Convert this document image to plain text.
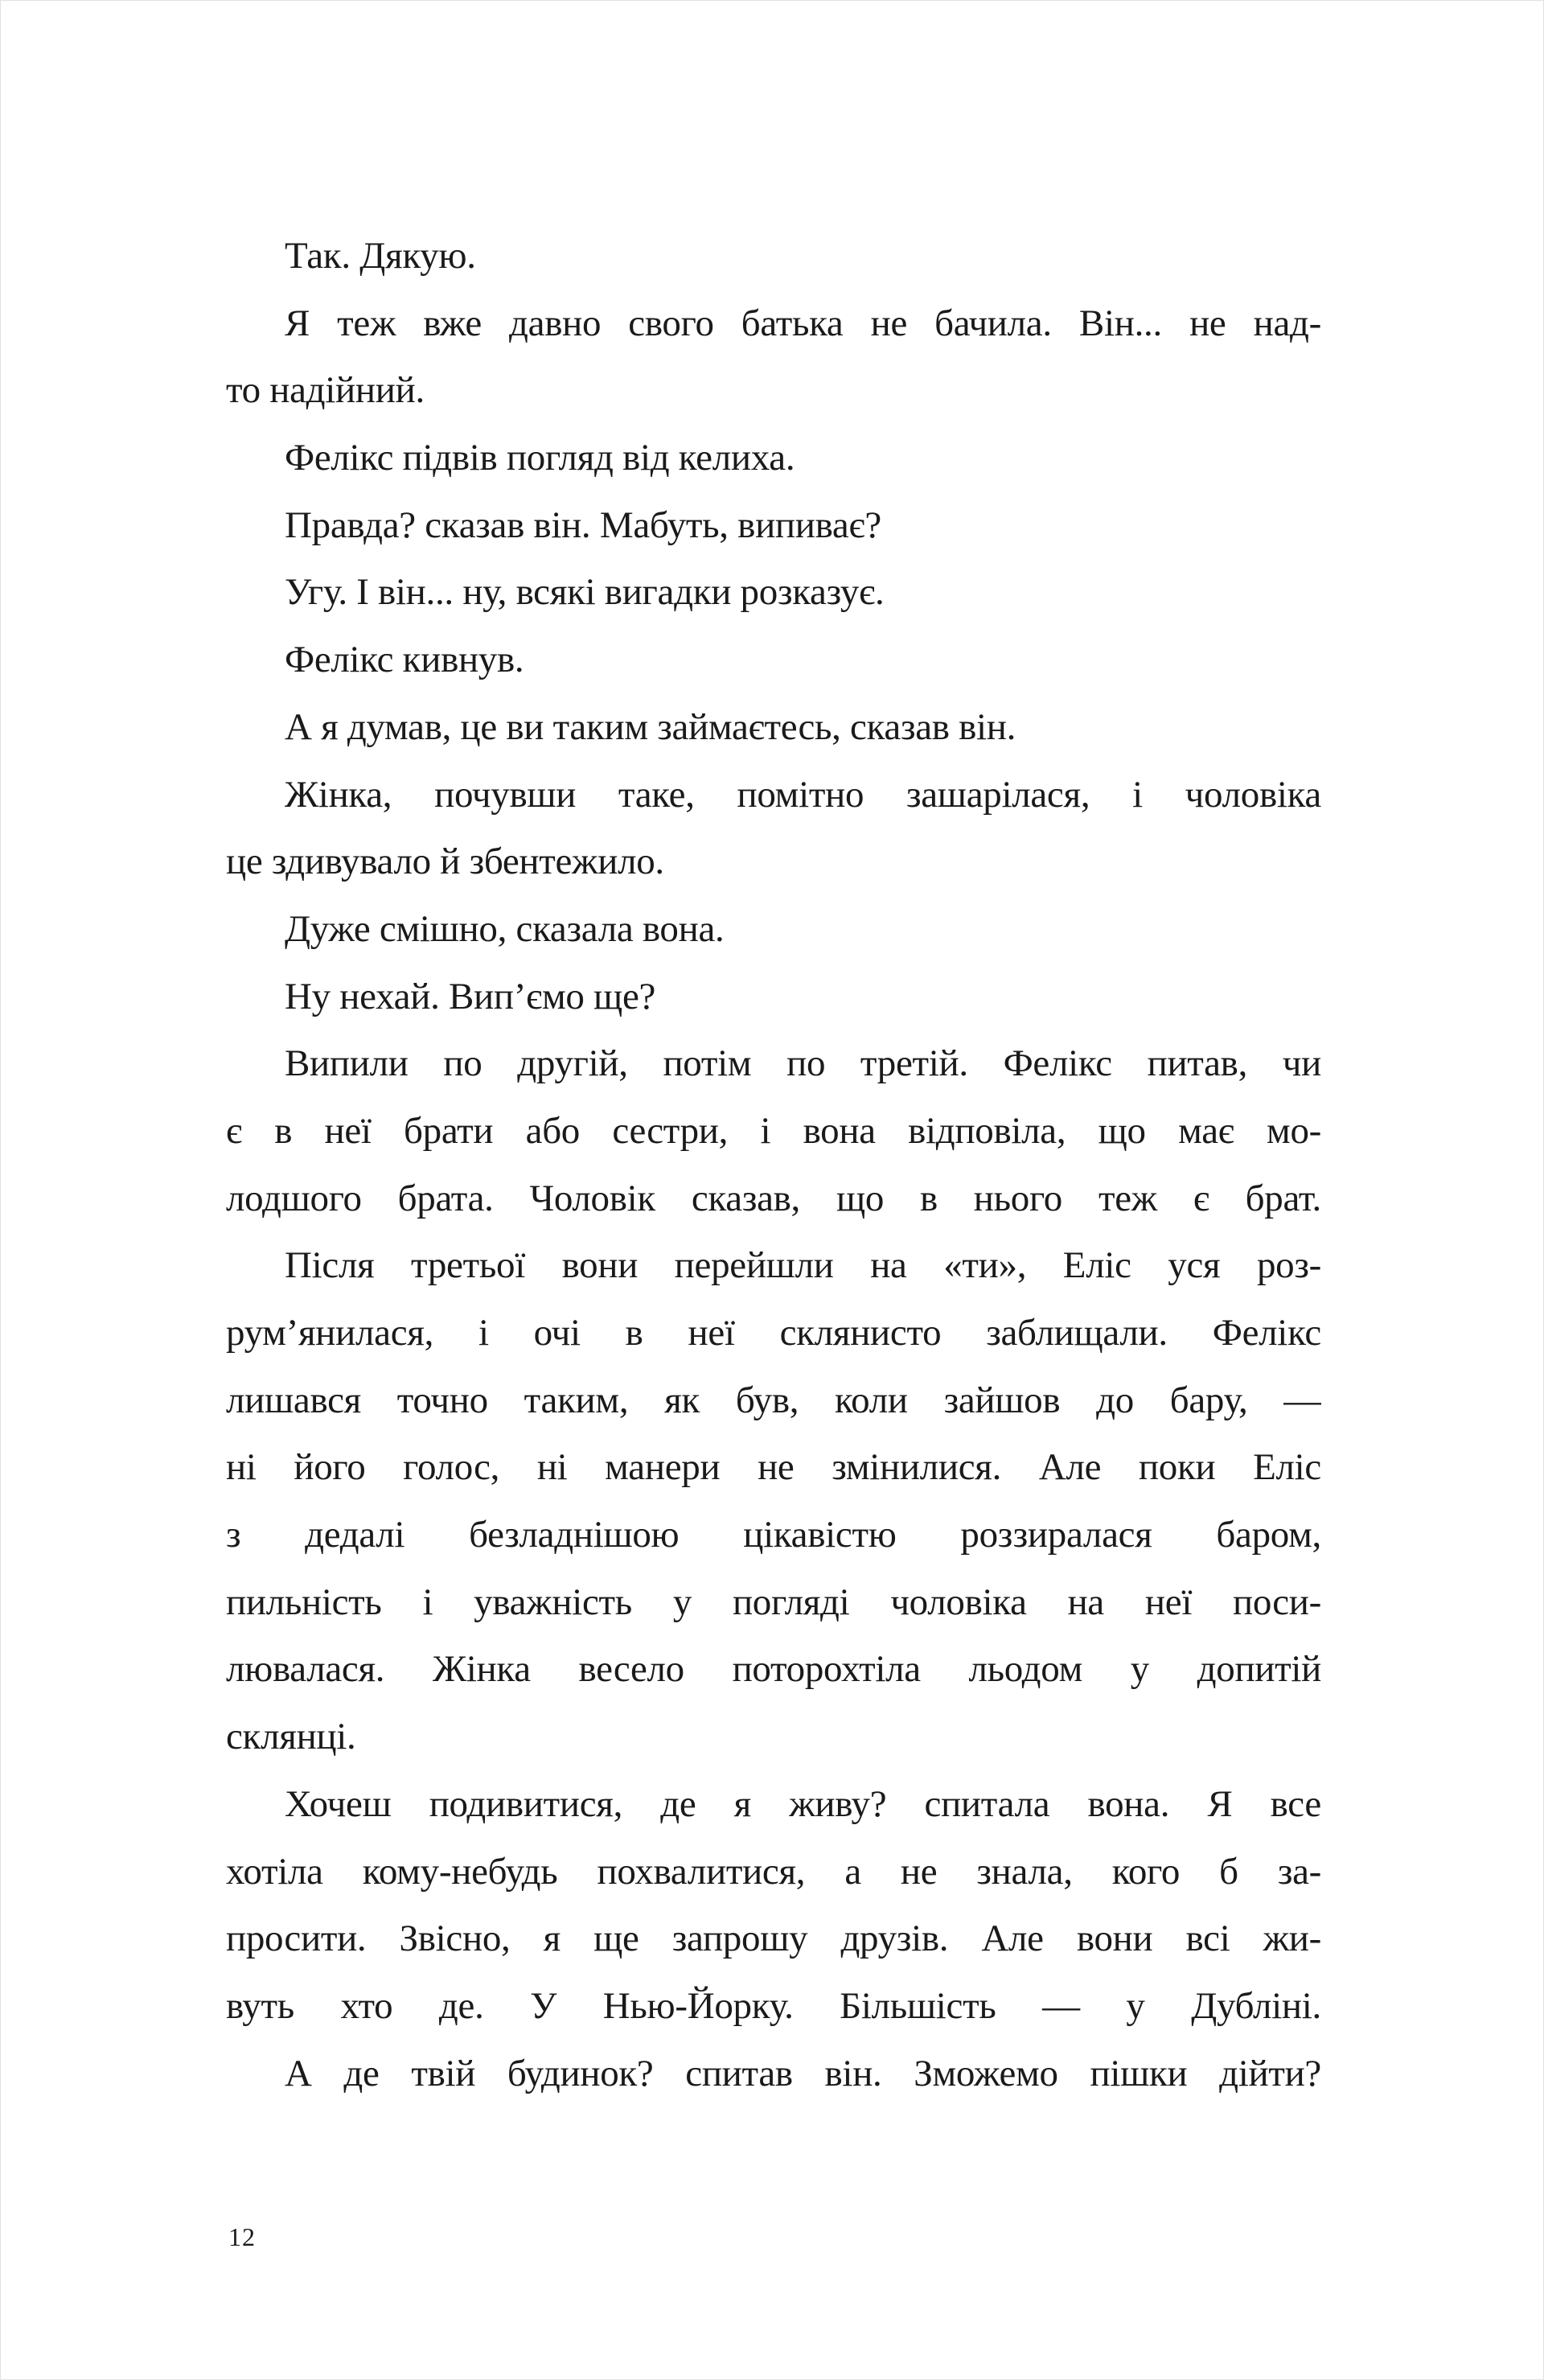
Так. Дякую.
Я теж вже давно свого батька не бачила. Він... не над-
то надійний.
Фелікс підвів погляд від келиха.
Правда? сказав він. Мабуть, випиває?
Угу. І він... ну, всякі вигадки розказує.
Фелікс кивнув.
А я думав, це ви таким займаєтесь, сказав він.
Жінка, почувши таке, помітно зашарілася, і чоловіка
це здивувало й збентежило.
Дуже смішно, сказала вона.
Ну нехай. Вип’ємо ще?
Випили по другій, потім по третій. Фелікс питав, чи
є в неї брати або сестри, і вона відповіла, що має мо-
лодшого брата. Чоловік сказав, що в нього теж є брат.
Після третьої вони перейшли на «ти», Еліс уся роз-
рум’янилася, і очі в неї склянисто заблищали. Фелікс
лишався точно таким, як був, коли зайшов до бару, —
ні його голос, ні манери не змінилися. Але поки Еліс
з дедалі безладнішою цікавістю роззиралася баром,
пильність і уважність у погляді чоловіка на неї поси-
лювалася. Жінка весело поторохтіла льодом у допитій
склянці.
Хочеш подивитися, де я живу? спитала вона. Я все
хотіла кому-небудь похвалитися, а не знала, кого б за-
просити. Звісно, я ще запрошу друзів. Але вони всі жи-
вуть хто де. У Нью-Йорку. Більшість — у Дубліні.
А де твій будинок? спитав він. Зможемо пішки дійти?
12
